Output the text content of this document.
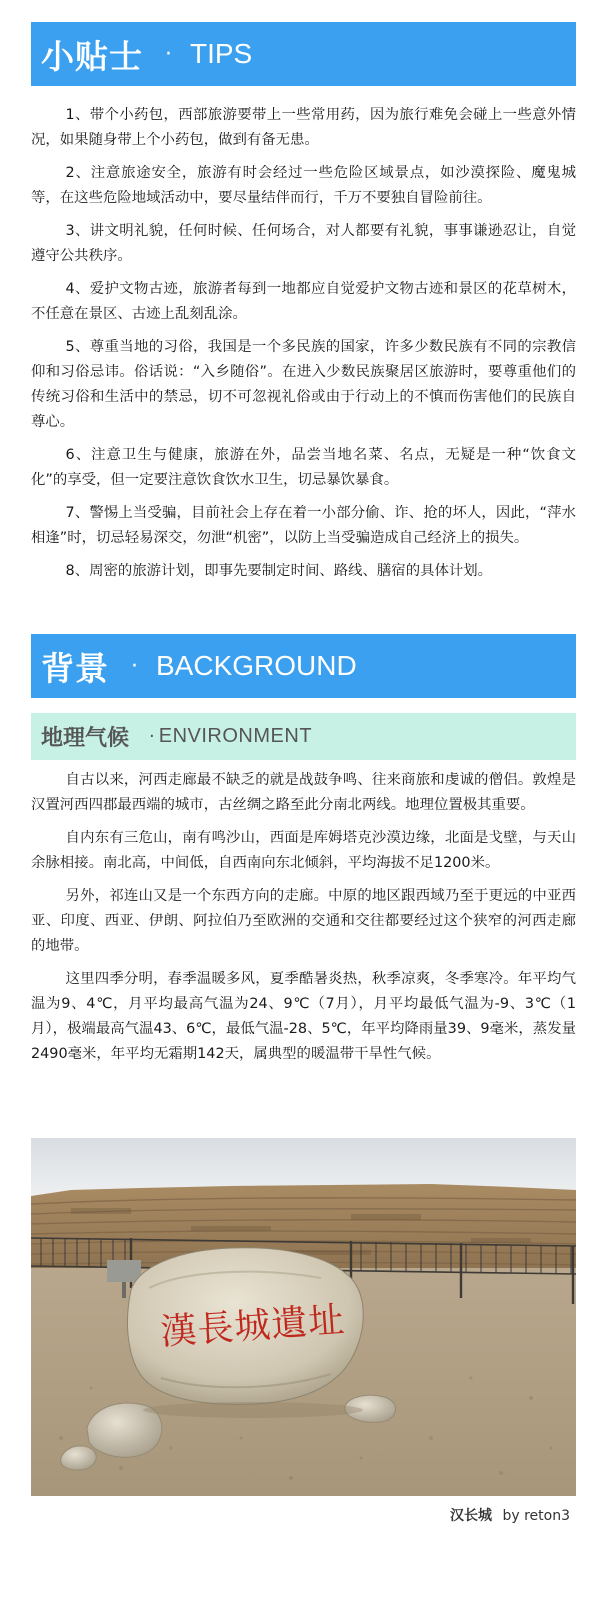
小贴士 · TIPS

1、带个小药包，西部旅游要带上一些常用药，因为旅行难免会碰上一些意外情况，如果随身带上个小药包，做到有备无患。

2、注意旅途安全，旅游有时会经过一些危险区域景点，如沙漠探险、魔鬼城等，在这些危险地域活动中，要尽量结伴而行，千万不要独自冒险前往。

3、讲文明礼貌，任何时候、任何场合，对人都要有礼貌，事事谦逊忍让，自觉遵守公共秩序。

4、爱护文物古迹，旅游者每到一地都应自觉爱护文物古迹和景区的花草树木，不任意在景区、古迹上乱刻乱涂。

5、尊重当地的习俗，我国是一个多民族的国家，许多少数民族有不同的宗教信仰和习俗忌讳。俗话说：“入乡随俗”。在进入少数民族聚居区旅游时，要尊重他们的传统习俗和生活中的禁忌，切不可忽视礼俗或由于行动上的不慎而伤害他们的民族自尊心。

6、注意卫生与健康，旅游在外，品尝当地名菜、名点，无疑是一种“饮食文化”的享受，但一定要注意饮食饮水卫生，切忌暴饮暴食。

7、警惕上当受骗，目前社会上存在着一小部分偷、诈、抢的坏人，因此，“萍水相逢”时，切忌轻易深交，勿泄“机密”，以防上当受骗造成自己经济上的损失。

8、周密的旅游计划，即事先要制定时间、路线、膳宿的具体计划。

背景 · BACKGROUND
地理气候 · ENVIRONMENT

自古以来，河西走廊最不缺乏的就是战鼓争鸣、往来商旅和虔诚的僧侣。敦煌是汉置河西四郡最西端的城市，古丝绸之路至此分南北两线。地理位置极其重要。

自内东有三危山，南有鸣沙山，西面是库姆塔克沙漠边缘，北面是戈壁，与天山余脉相接。南北高，中间低，自西南向东北倾斜，平均海拔不足1200米。

另外，祁连山又是一个东西方向的走廊。中原的地区跟西域乃至于更远的中亚西亚、印度、西亚、伊朗、阿拉伯乃至欧洲的交通和交往都要经过这个狭窄的河西走廊的地带。

这里四季分明，春季温暖多风，夏季酷暑炎热，秋季凉爽，冬季寒冷。年平均气温为9、4℃，月平均最高气温为24、9℃（7月），月平均最低气温为-9、3℃（1月），极端最高气温43、6℃，最低气温-28、5℃，年平均降雨量39、9毫米，蒸发量2490毫米，年平均无霜期142天，属典型的暖温带干旱性气候。

漢長城遺址
汉长城 by reton3
